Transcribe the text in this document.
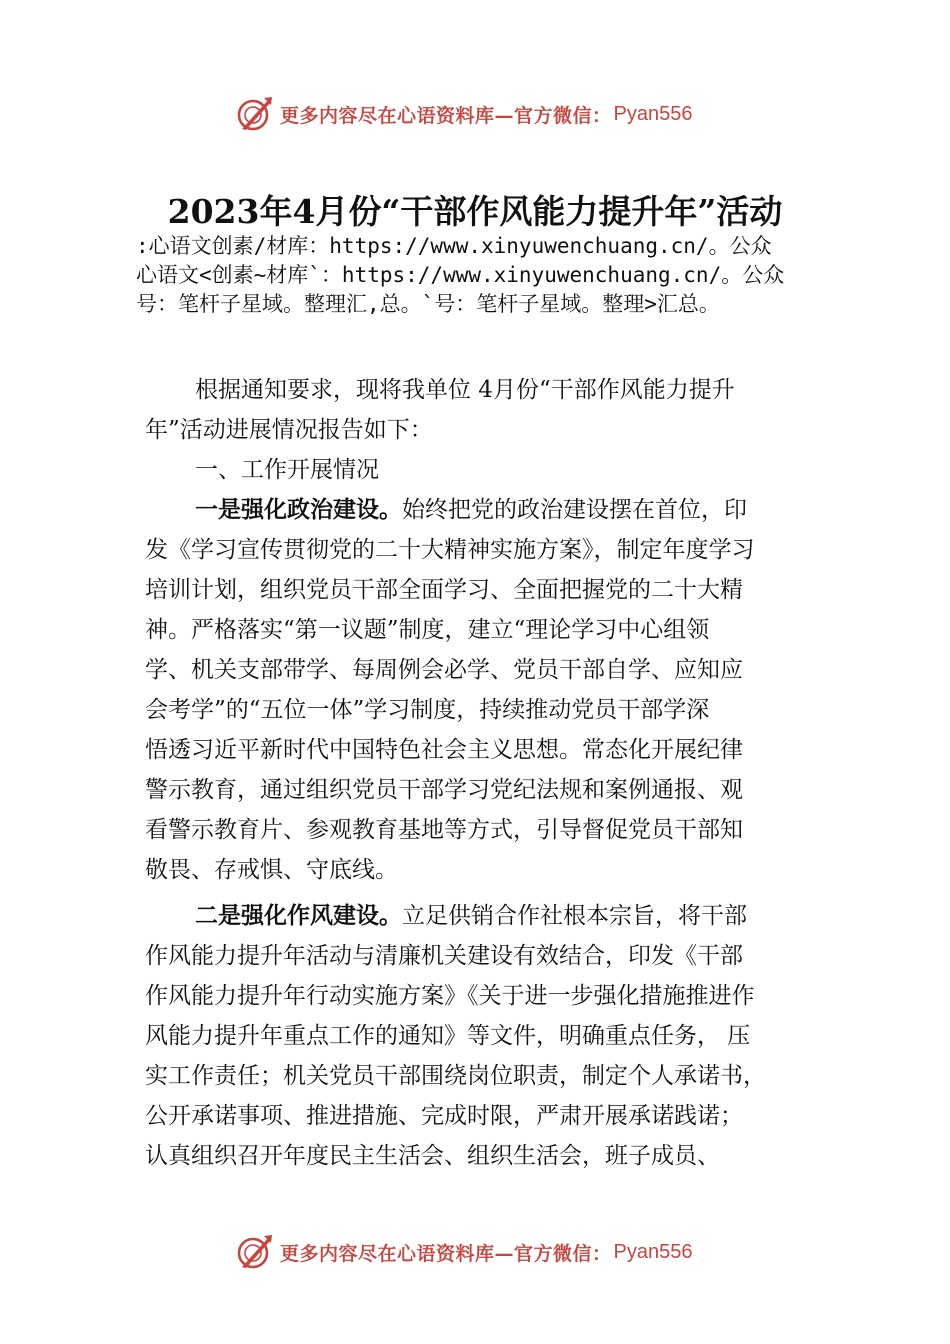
更多内容尽在心语资料库—官方微信： Pyan556
2023年4月份“干部作风能力提升年”活动
:心语文创素/材库：https://www.xinyuwenchuang.cn/。公众
心语文<创素~材库`：https://www.xinyuwenchuang.cn/。公众
号：笔杆子星域。整理汇,总。`号：笔杆子星域。整理>汇总。
根据通知要求，现将我单位 4月份“干部作风能力提升
年”活动进展情况报告如下：
一、工作开展情况
一是强化政治建设。始终把党的政治建设摆在首位，印
发《学习宣传贯彻党的二十大精神实施方案》，制定年度学习
培训计划，组织党员干部全面学习、全面把握党的二十大精
神。严格落实“第一议题”制度，建立“理论学习中心组领
学、机关支部带学、每周例会必学、党员干部自学、应知应
会考学”的“五位一体”学习制度，持续推动党员干部学深
悟透习近平新时代中国特色社会主义思想。常态化开展纪律
警示教育，通过组织党员干部学习党纪法规和案例通报、观
看警示教育片、参观教育基地等方式，引导督促党员干部知
敬畏、存戒惧、守底线。
二是强化作风建设。立足供销合作社根本宗旨，将干部
作风能力提升年活动与清廉机关建设有效结合，印发《干部
作风能力提升年行动实施方案》《关于进一步强化措施推进作
风能力提升年重点工作的通知》等文件，明确重点任务， 压
实工作责任；机关党员干部围绕岗位职责，制定个人承诺书，
公开承诺事项、推进措施、完成时限，严肃开展承诺践诺；
认真组织召开年度民主生活会、组织生活会，班子成员、
更多内容尽在心语资料库—官方微信： Pyan556
